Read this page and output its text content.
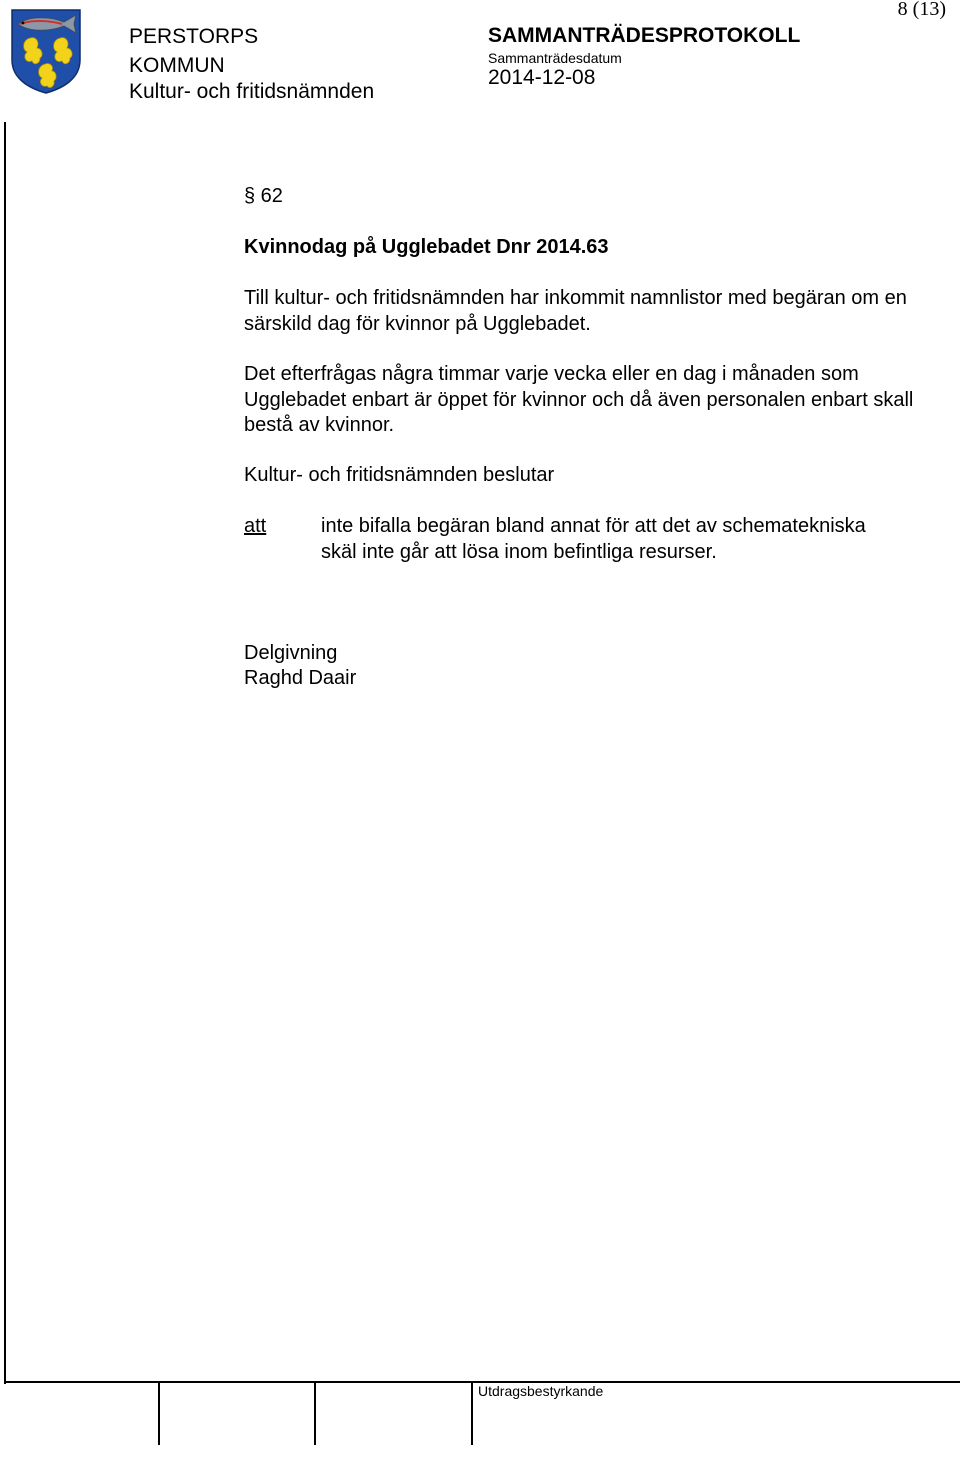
PERSTORPS
KOMMUN
Kultur- och fritidsnämnden
SAMMANTRÄDESPROTOKOLL
Sammanträdesdatum
2014-12-08
8 (13)
§ 62
Kvinnodag på Ugglebadet Dnr 2014.63
Till kultur- och fritidsnämnden har inkommit namnlistor med begäran om en särskild dag för kvinnor på Ugglebadet.
Det efterfrågas några timmar varje vecka eller en dag i månaden som Ugglebadet enbart är öppet för kvinnor och då även personalen enbart skall bestå av kvinnor.
Kultur- och fritidsnämnden beslutar
att	inte bifalla begäran bland annat för att det av schematekniska skäl inte går att lösa inom befintliga resurser.
Delgivning
Raghd Daair
Utdragsbestyrkande
